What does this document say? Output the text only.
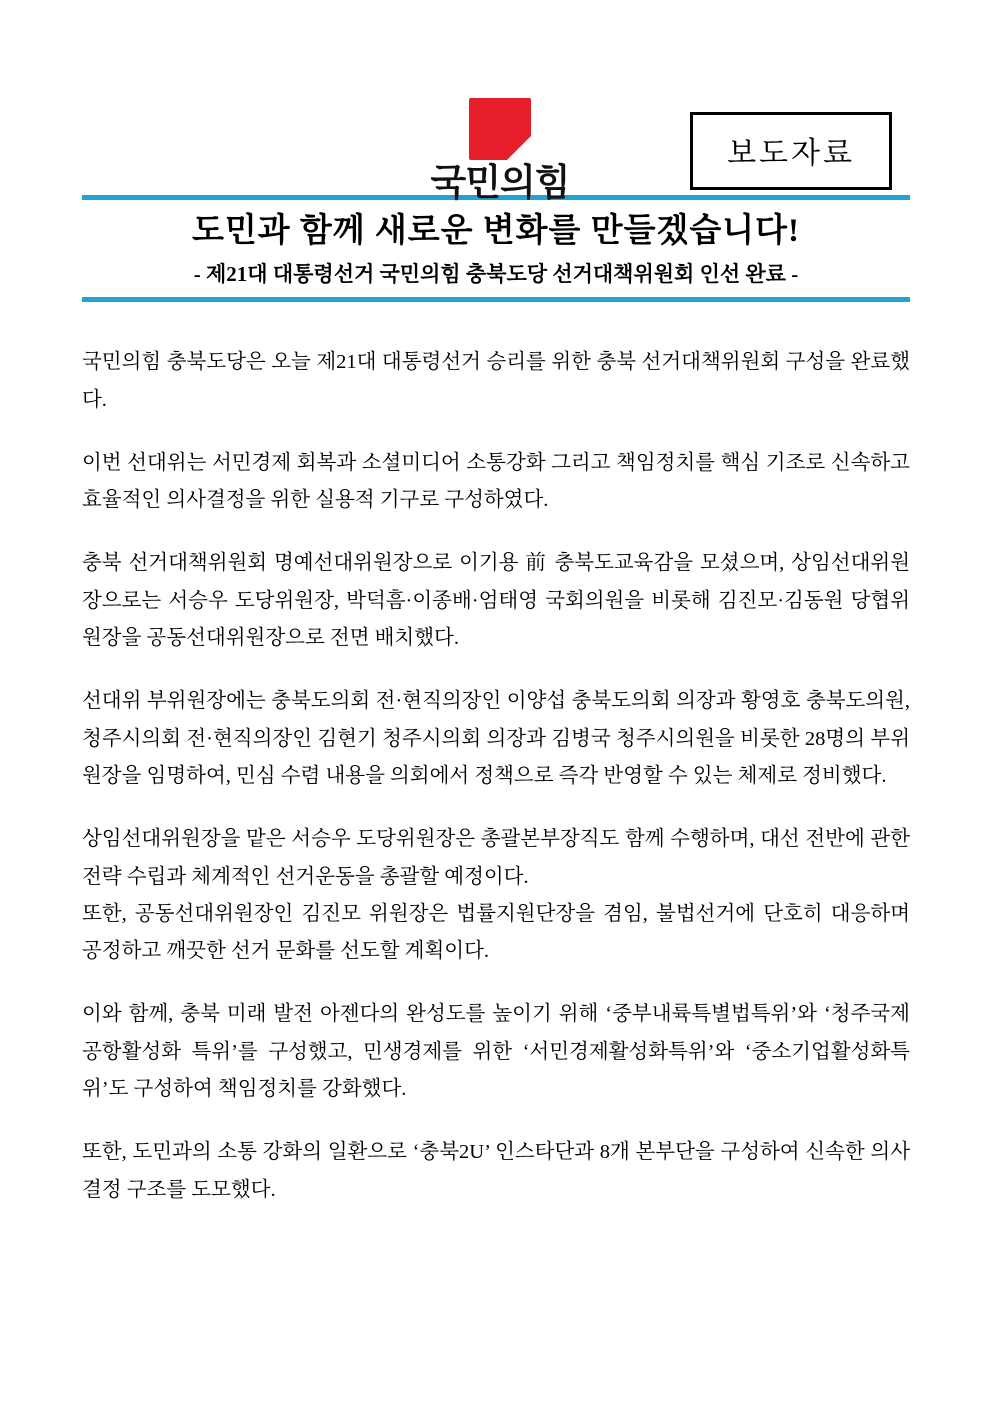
국민의힘
보도자료
도민과 함께 새로운 변화를 만들겠습니다!
- 제21대 대통령선거 국민의힘 충북도당 선거대책위원회 인선 완료 -

국민의힘 충북도당은 오늘 제21대 대통령선거 승리를 위한 충북 선거대책위원회 구성을 완료했다.

이번 선대위는 서민경제 회복과 소셜미디어 소통강화 그리고 책임정치를 핵심 기조로 신속하고 효율적인 의사결정을 위한 실용적 기구로 구성하였다.

충북 선거대책위원회 명예선대위원장으로 이기용 前 충북도교육감을 모셨으며, 상임선대위원장으로는 서승우 도당위원장, 박덕흠·이종배·엄태영 국회의원을 비롯해 김진모·김동원 당협위원장을 공동선대위원장으로 전면 배치했다.

선대위 부위원장에는 충북도의회 전·현직의장인 이양섭 충북도의회 의장과 황영호 충북도의원, 청주시의회 전·현직의장인 김현기 청주시의회 의장과 김병국 청주시의원을 비롯한 28명의 부위원장을 임명하여, 민심 수렴 내용을 의회에서 정책으로 즉각 반영할 수 있는 체제로 정비했다.

상임선대위원장을 맡은 서승우 도당위원장은 총괄본부장직도 함께 수행하며, 대선 전반에 관한 전략 수립과 체계적인 선거운동을 총괄할 예정이다.

또한, 공동선대위원장인 김진모 위원장은 법률지원단장을 겸임, 불법선거에 단호히 대응하며 공정하고 깨끗한 선거 문화를 선도할 계획이다.

이와 함께, 충북 미래 발전 아젠다의 완성도를 높이기 위해 ‘중부내륙특별법특위’와 ‘청주국제공항활성화 특위’를 구성했고, 민생경제를 위한 ‘서민경제활성화특위’와 ‘중소기업활성화특위’도 구성하여 책임정치를 강화했다.

또한, 도민과의 소통 강화의 일환으로 ‘충북2U’ 인스타단과 8개 본부단을 구성하여 신속한 의사결정 구조를 도모했다.
